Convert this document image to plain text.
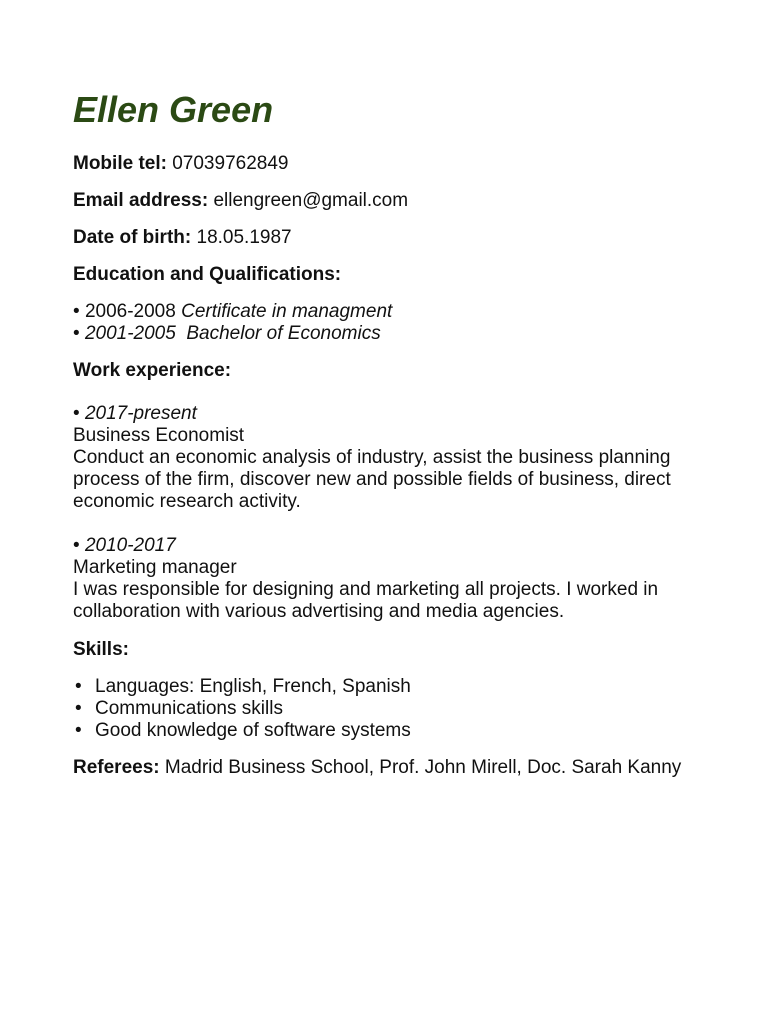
Ellen Green
Mobile tel: 07039762849
Email address: ellengreen@gmail.com
Date of birth: 18.05.1987
Education and Qualifications:
• 2006-2008 Certificate in managment
• 2001-2005 Bachelor of Economics
Work experience:
• 2017-present
Business Economist
Conduct an economic analysis of industry, assist the business planning process of the firm, discover new and possible fields of business, direct economic research activity.
• 2010-2017
Marketing manager
I was responsible for designing and marketing all projects. I worked in collaboration with various advertising and media agencies.
Skills:
• Languages: English, French, Spanish
• Communications skills
• Good knowledge of software systems
Referees: Madrid Business School, Prof. John Mirell, Doc. Sarah Kanny
